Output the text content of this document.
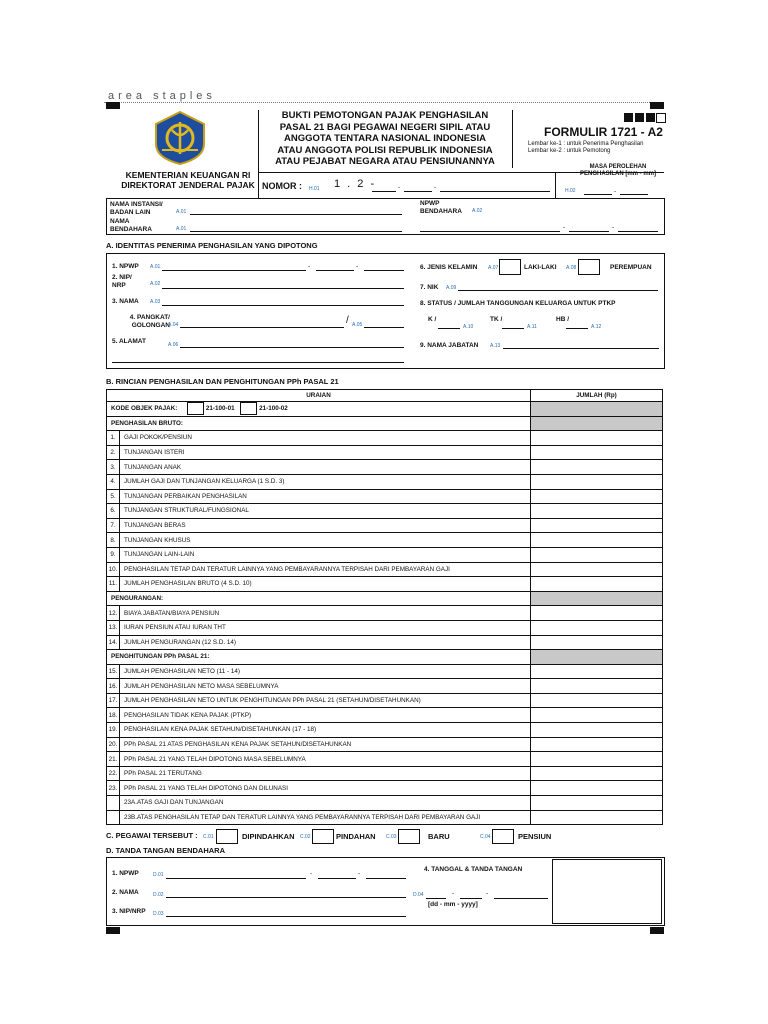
area staples
KEMENTERIAN KEUANGAN RI
DIREKTORAT JENDERAL PAJAK
BUKTI PEMOTONGAN PAJAK PENGHASILAN
PASAL 21 BAGI PEGAWAI NEGERI SIPIL ATAU
ANGGOTA TENTARA NASIONAL INDONESIA
ATAU ANGGOTA POLISI REPUBLIK INDONESIA
ATAU PEJABAT NEGARA ATAU PENSIUNANNYA
FORMULIR 1721 - A2
Lembar ke-1 : untuk Penerima Penghasilan
Lembar ke-2 : untuk Pemotong
MASA PEROLEHAN PENGHASILAN [mm - mm]
H.02	-
NOMOR : H.01 1 . 2 -	-	-
NAMA INSTANSI/ BADAN LAIN	A.01
NAMA BENDAHARA	A.01
NPWP BENDAHARA	A.02
-	-
A. IDENTITAS PENERIMA PENGHASILAN YANG DIPOTONG
1. NPWP A.01	-	-
2. NIP/ NRP	A.02
3. NAMA A.03
4. PANGKAT/ GOLONGAN
A.04	/ A.05
5. ALAMAT	A.06
6. JENIS KELAMIN A.07	LAKI-LAKI A.08	PEREMPUAN
7. NIK A.09
8. STATUS / JUMLAH TANGGUNGAN KELUARGA UNTUK PTKP
K /
A.10
TK /
A.11
HB /
A.12
9. NAMA JABATAN A.13
B. RINCIAN PENGHASILAN DAN PENGHITUNGAN PPh PASAL 21
URAIAN		JUMLAH (Rp)
KODE OBJEK PAJAK: 21-100-01 21-100-02		
PENGHASILAN BRUTO:		
1.	GAJI POKOK/PENSIUN	
2.	TUNJANGAN ISTERI	
3.	TUNJANGAN ANAK	
4.	JUMLAH GAJI DAN TUNJANGAN KELUARGA (1 S.D. 3)	
5.	TUNJANGAN PERBAIKAN PENGHASILAN	
6.	TUNJANGAN STRUKTURAL/FUNGSIONAL	
7.	TUNJANGAN BERAS	
8.	TUNJANGAN KHUSUS	
9.	TUNJANGAN LAIN-LAIN	
10.	PENGHASILAN TETAP DAN TERATUR LAINNYA YANG PEMBAYARANNYA TERPISAH DARI PEMBAYARAN GAJI	
11.	JUMLAH PENGHASILAN BRUTO (4 S.D. 10)	
PENGURANGAN:		
12.	BIAYA JABATAN/BIAYA PENSIUN	
13.	IURAN PENSIUN ATAU IURAN THT	
14.	JUMLAH PENGURANGAN (12 S.D. 14)	
PENGHITUNGAN PPh PASAL 21:		
15.	JUMLAH PENGHASILAN NETO (11 - 14)	
16.	JUMLAH PENGHASILAN NETO MASA SEBELUMNYA	
17.	JUMLAH PENGHASILAN NETO UNTUK PENGHITUNGAN PPh PASAL 21 (SETAHUN/DISETAHUNKAN)	
18.	PENGHASILAN TIDAK KENA PAJAK (PTKP)	
19.	PENGHASILAN KENA PAJAK SETAHUN/DISETAHUNKAN (17 - 18)	
20.	PPh PASAL 21 ATAS PENGHASILAN KENA PAJAK SETAHUN/DISETAHUNKAN	
21.	PPh PASAL 21 YANG TELAH DIPOTONG MASA SEBELUMNYA	
22.	PPh PASAL 21 TERUTANG	
23.	PPh PASAL 21 YANG TELAH DIPOTONG DAN DILUNASI	
	23A.ATAS GAJI DAN TUNJANGAN	
	23B.ATAS PENGHASILAN TETAP DAN TERATUR LAINNYA YANG PEMBAYARANNYA TERPISAH DARI PEMBAYARAN GAJI	
C. PEGAWAI TERSEBUT : C.01	DIPINDAHKAN C.02	PINDAHAN C.03	BARU	C.04	PENSIUN
D. TANDA TANGAN BENDAHARA
1. NPWP	D.01	-	-
2. NAMA	D.02
3. NIP/NRP D.03
4. TANGGAL & TANDA TANGAN
D.04	-	-
[dd - mm - yyyy]
